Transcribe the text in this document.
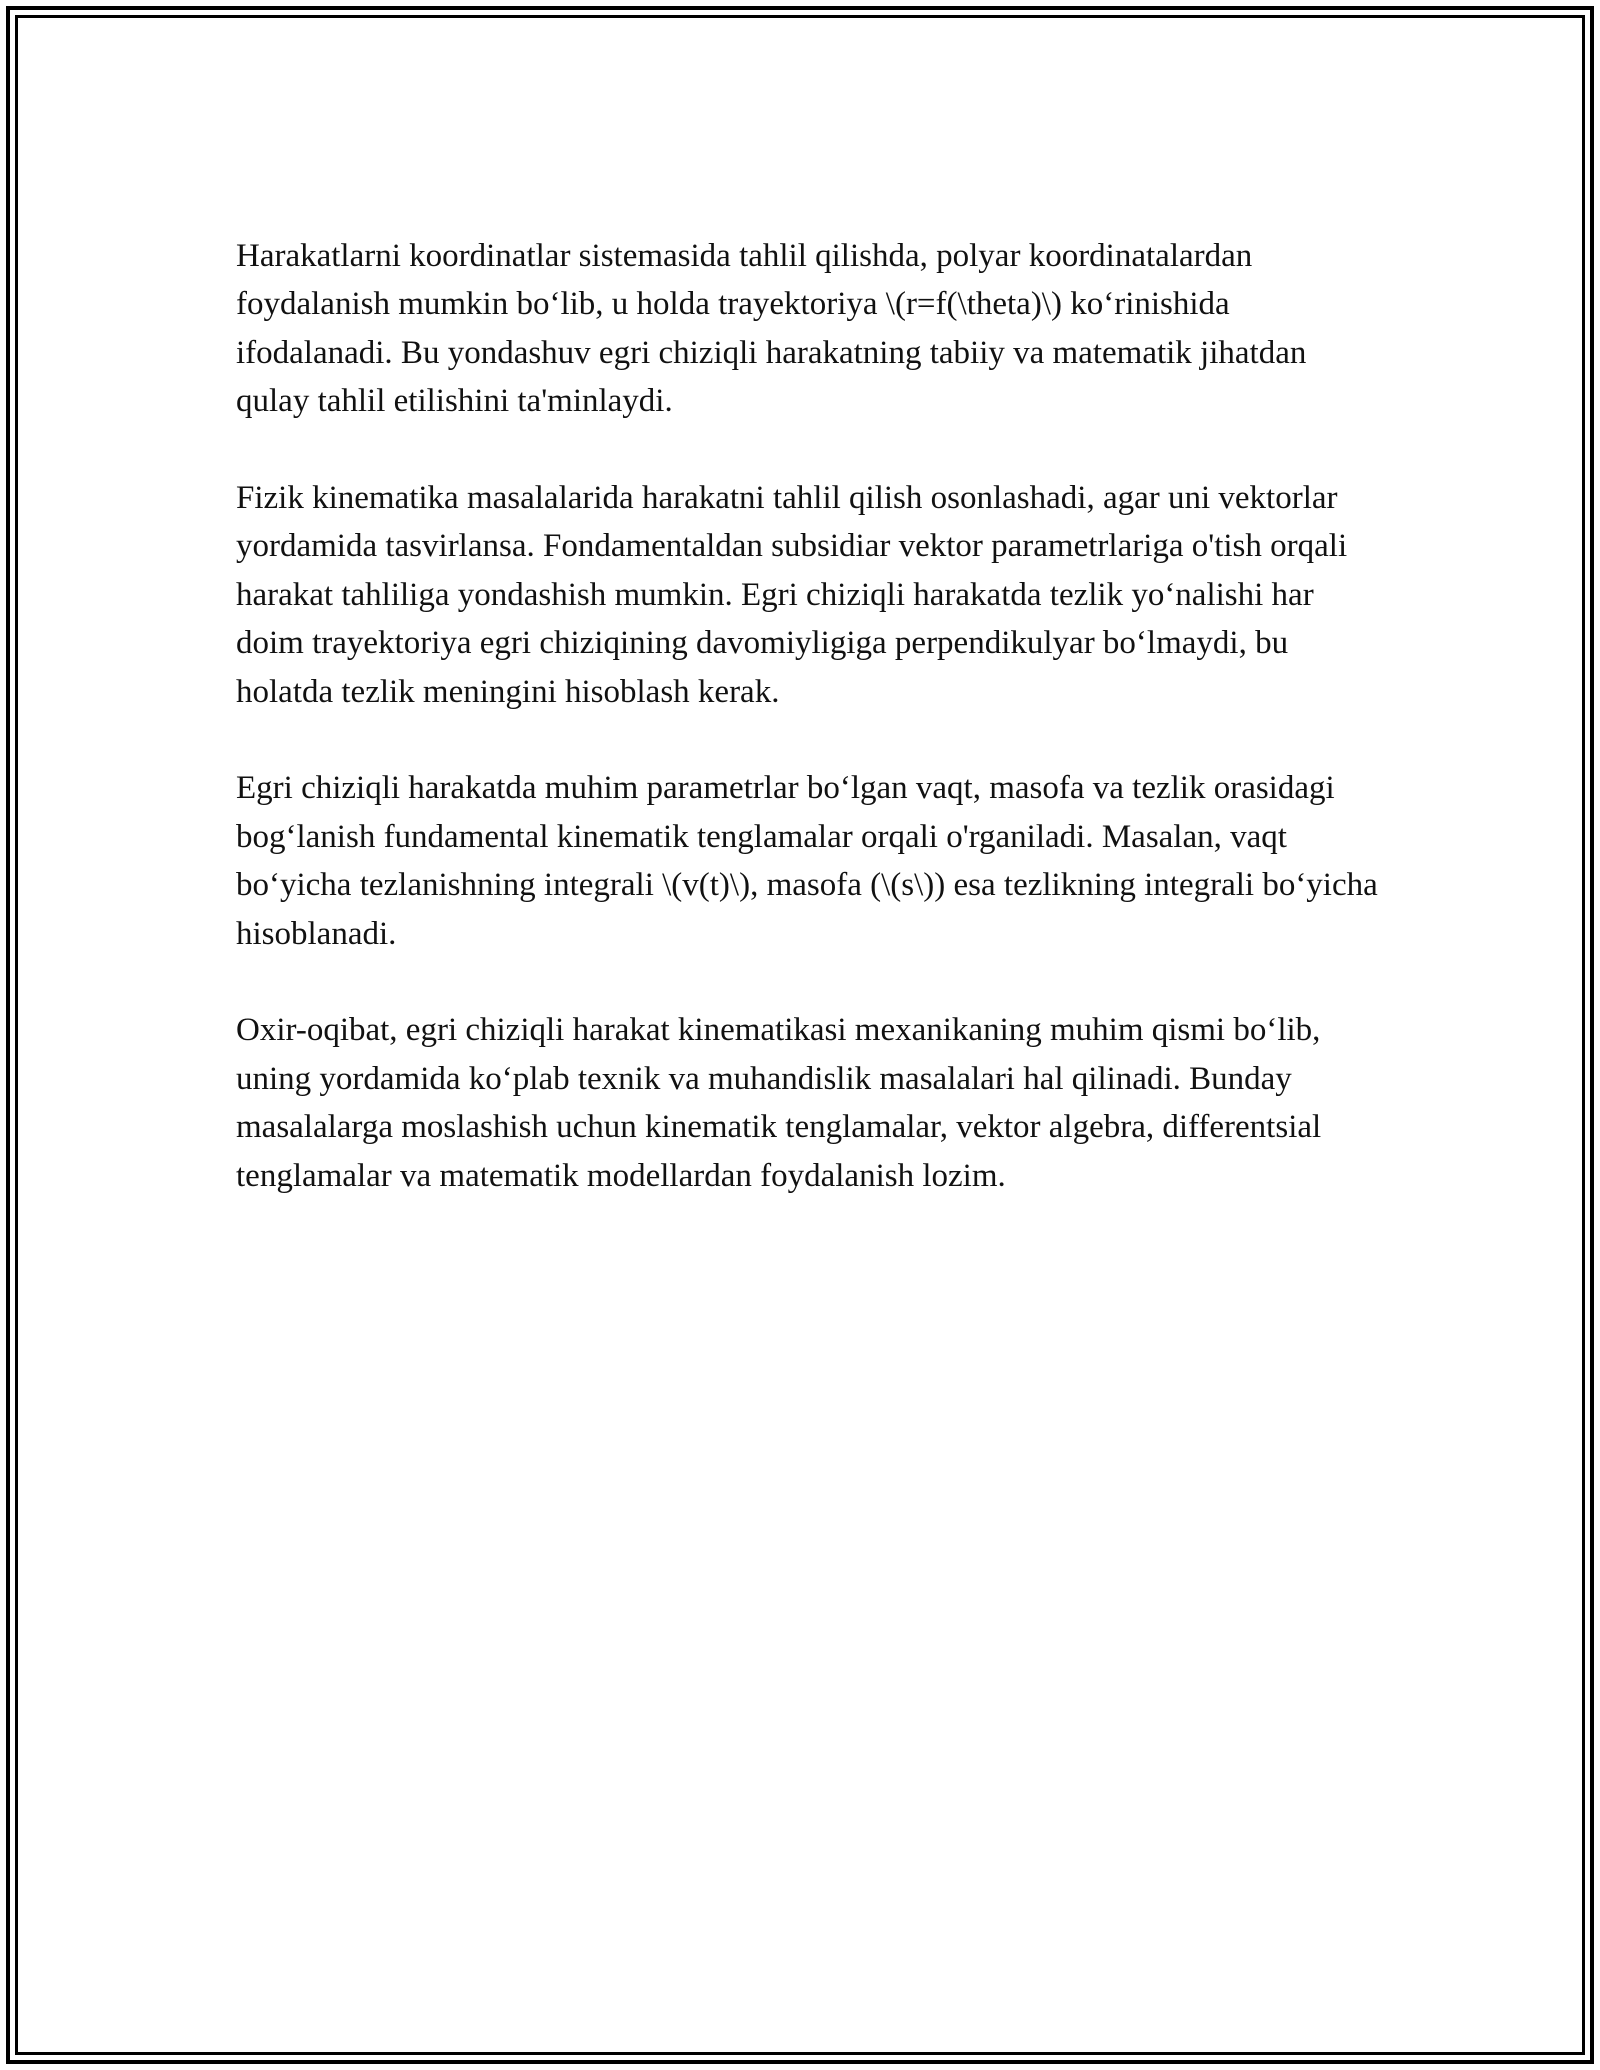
Harakatlarni koordinatlar sistemasida tahlil qilishda, polyar koordinatalardan foydalanish mumkin bo‘lib, u holda trayektoriya \(r=f(\theta)\) ko‘rinishida ifodalanadi. Bu yondashuv egri chiziqli harakatning tabiiy va matematik jihatdan qulay tahlil etilishini ta'minlaydi.

Fizik kinematika masalalarida harakatni tahlil qilish osonlashadi, agar uni vektorlar yordamida tasvirlansa. Fondamentaldan subsidiar vektor parametrlariga o'tish orqali harakat tahliliga yondashish mumkin. Egri chiziqli harakatda tezlik yo‘nalishi har doim trayektoriya egri chiziqining davomiyligiga perpendikulyar bo‘lmaydi, bu holatda tezlik meningini hisoblash kerak.

Egri chiziqli harakatda muhim parametrlar bo‘lgan vaqt, masofa va tezlik orasidagi bog‘lanish fundamental kinematik tenglamalar orqali o'rganiladi. Masalan, vaqt bo‘yicha tezlanishning integrali \(v(t)\), masofa (\(s\)) esa tezlikning integrali bo‘yicha hisoblanadi.

Oxir-oqibat, egri chiziqli harakat kinematikasi mexanikaning muhim qismi bo‘lib, uning yordamida ko‘plab texnik va muhandislik masalalari hal qilinadi. Bunday masalalarga moslashish uchun kinematik tenglamalar, vektor algebra, differentsial tenglamalar va matematik modellardan foydalanish lozim.
